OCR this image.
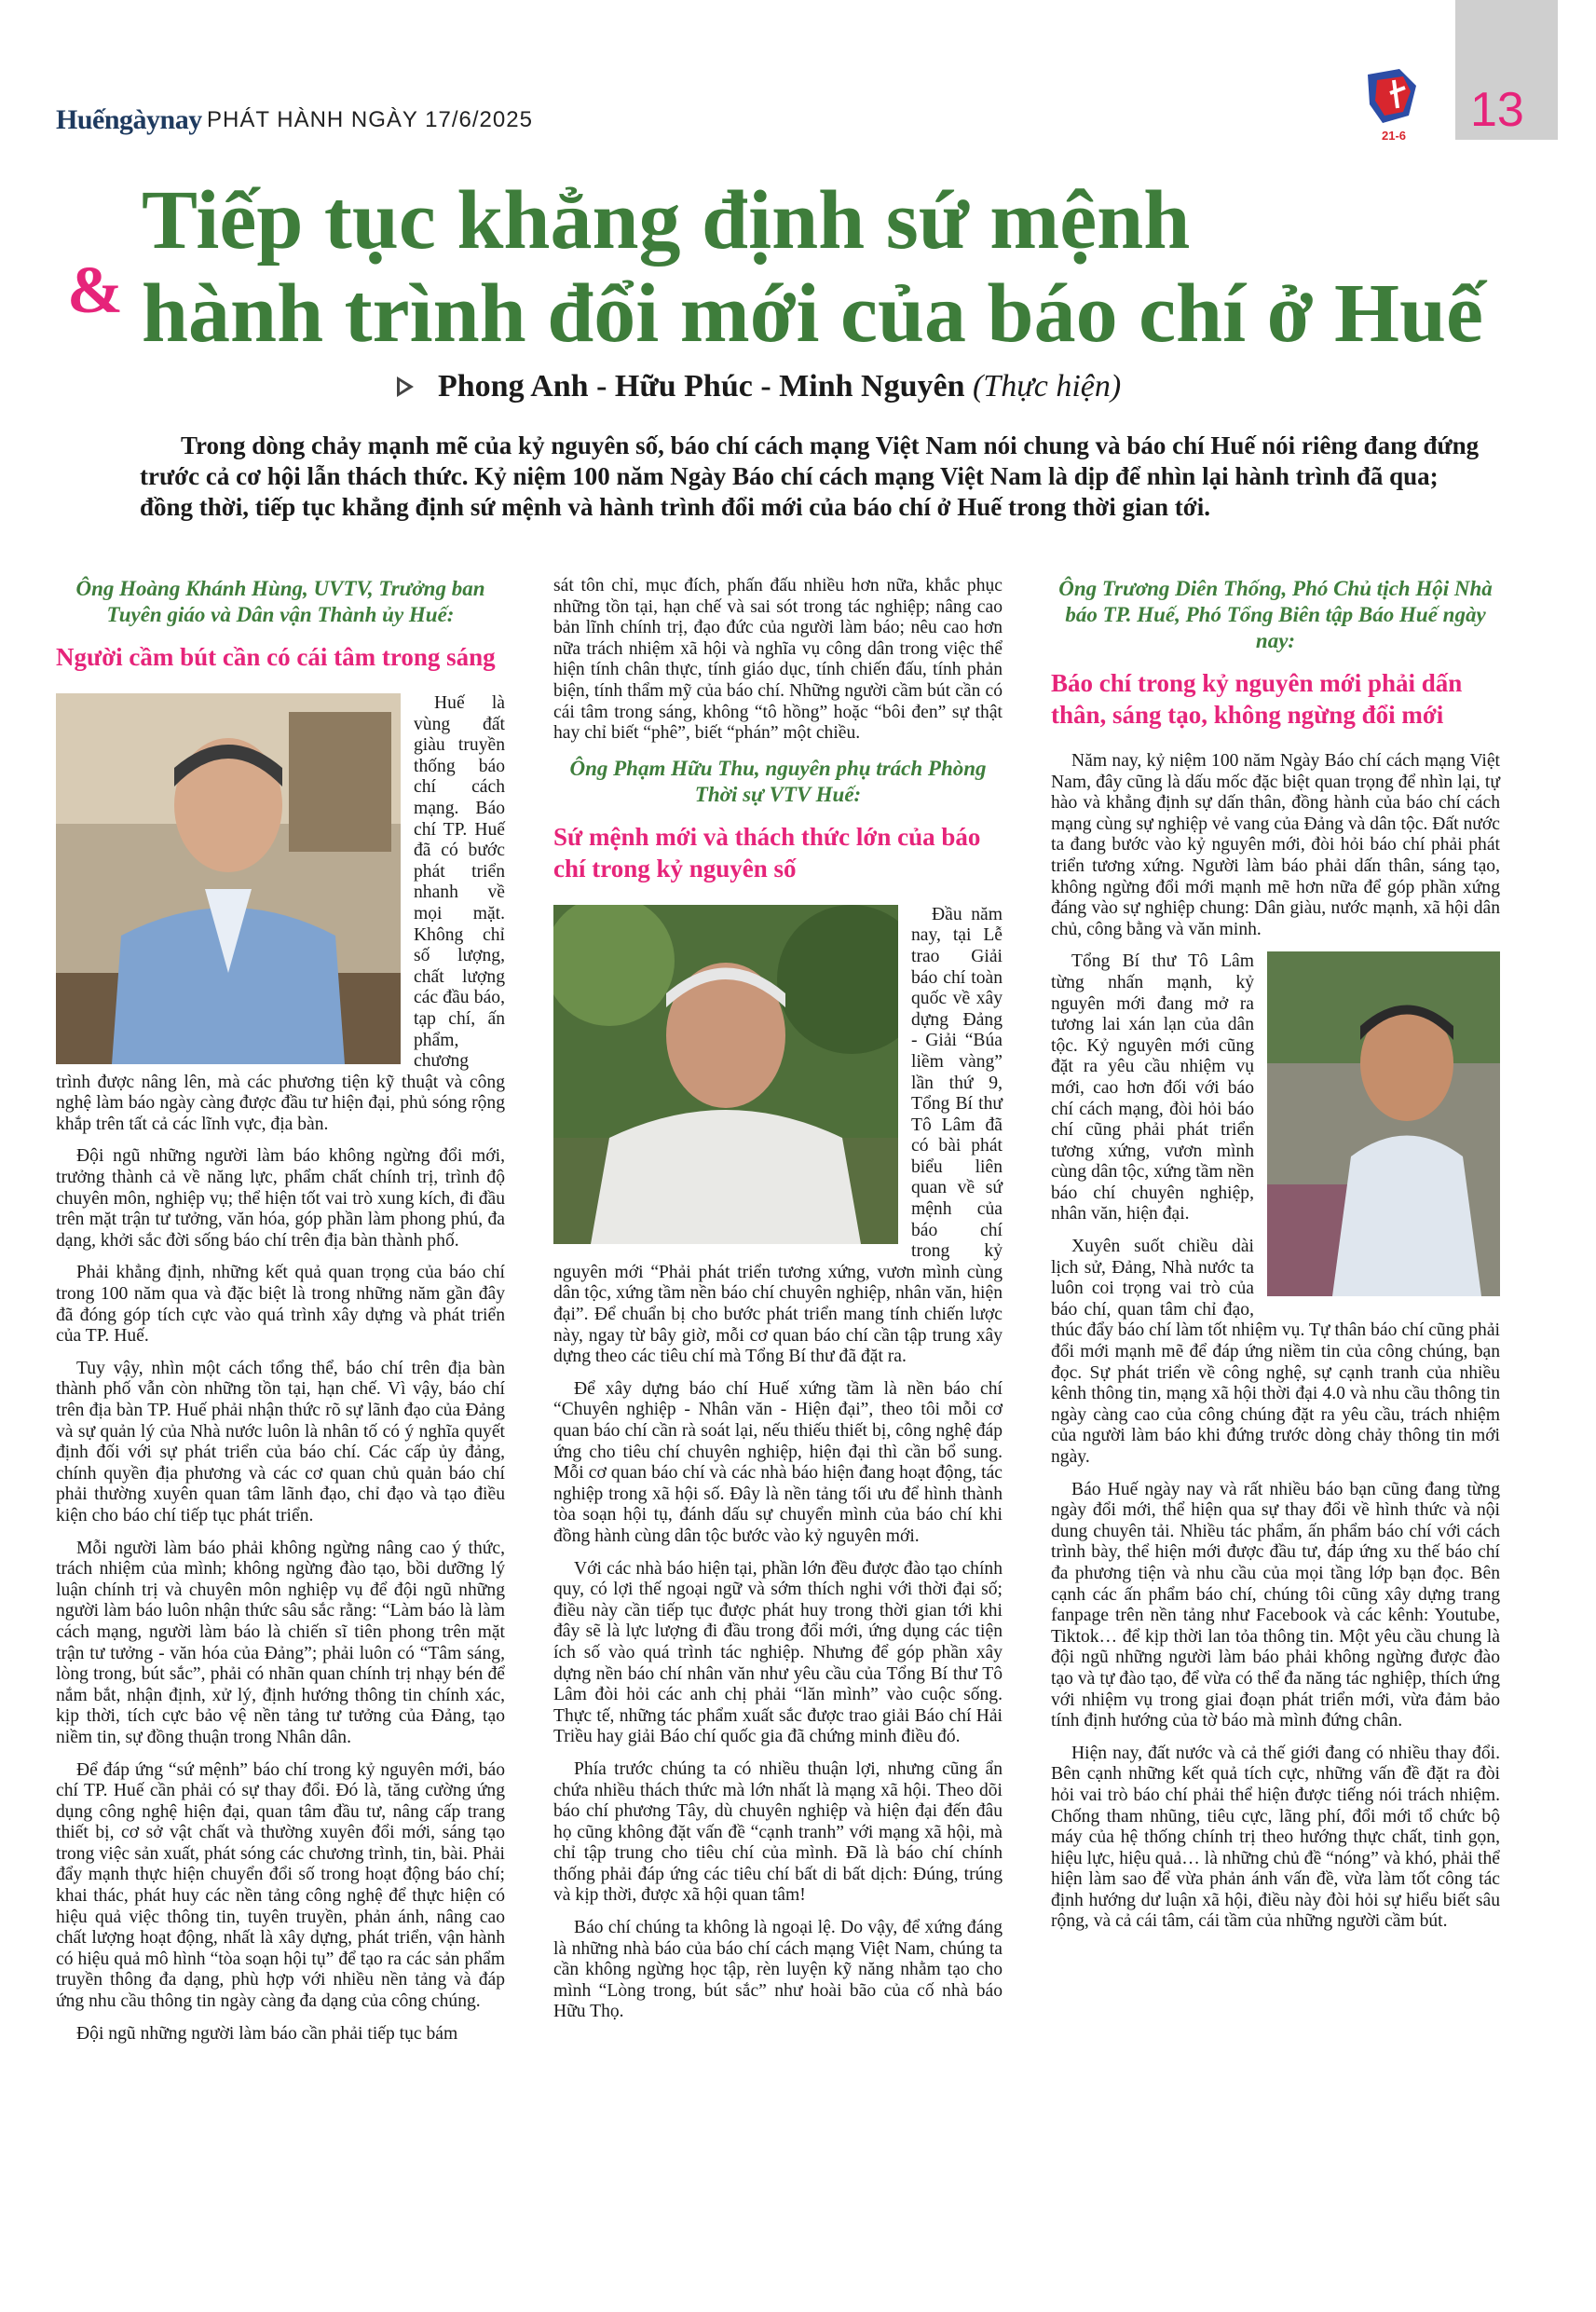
Huếngàynay PHÁT HÀNH NGÀY 17/6/2025
21-6 13
Tiếp tục khẳng định sứ mệnh
& hành trình đổi mới của báo chí ở Huế
Phong Anh - Hữu Phúc - Minh Nguyên (Thực hiện)
Trong dòng chảy mạnh mẽ của kỷ nguyên số, báo chí cách mạng Việt Nam nói chung và báo chí Huế nói riêng đang đứng trước cả cơ hội lẫn thách thức. Kỷ niệm 100 năm Ngày Báo chí cách mạng Việt Nam là dịp để nhìn lại hành trình đã qua; đồng thời, tiếp tục khẳng định sứ mệnh và hành trình đổi mới của báo chí ở Huế trong thời gian tới.
Ông Hoàng Khánh Hùng, UVTV, Trưởng ban Tuyên giáo và Dân vận Thành ủy Huế:
Người cầm bút cần có cái tâm trong sáng

Huế là vùng đất giàu truyền thống báo chí cách mạng. Báo chí TP. Huế đã có bước phát triển nhanh về mọi mặt. Không chỉ số lượng, chất lượng các đầu báo, tạp chí, ấn phẩm, chương trình được nâng lên, mà các phương tiện kỹ thuật và công nghệ làm báo ngày càng được đầu tư hiện đại, phủ sóng rộng khắp trên tất cả các lĩnh vực, địa bàn.

Đội ngũ những người làm báo không ngừng đổi mới, trưởng thành cả về năng lực, phẩm chất chính trị, trình độ chuyên môn, nghiệp vụ; thể hiện tốt vai trò xung kích, đi đầu trên mặt trận tư tưởng, văn hóa, góp phần làm phong phú, đa dạng, khởi sắc đời sống báo chí trên địa bàn thành phố.

Phải khẳng định, những kết quả quan trọng của báo chí trong 100 năm qua và đặc biệt là trong những năm gần đây đã đóng góp tích cực vào quá trình xây dựng và phát triển của TP. Huế.

Tuy vậy, nhìn một cách tổng thể, báo chí trên địa bàn thành phố vẫn còn những tồn tại, hạn chế. Vì vậy, báo chí trên địa bàn TP. Huế phải nhận thức rõ sự lãnh đạo của Đảng và sự quản lý của Nhà nước luôn là nhân tố có ý nghĩa quyết định đối với sự phát triển của báo chí. Các cấp ủy đảng, chính quyền địa phương và các cơ quan chủ quản báo chí phải thường xuyên quan tâm lãnh đạo, chỉ đạo và tạo điều kiện cho báo chí tiếp tục phát triển.

Mỗi người làm báo phải không ngừng nâng cao ý thức, trách nhiệm của mình; không ngừng đào tạo, bồi dưỡng lý luận chính trị và chuyên môn nghiệp vụ để đội ngũ những người làm báo luôn nhận thức sâu sắc rằng: “Làm báo là làm cách mạng, người làm báo là chiến sĩ tiên phong trên mặt trận tư tưởng - văn hóa của Đảng”; phải luôn có “Tâm sáng, lòng trong, bút sắc”, phải có nhãn quan chính trị nhạy bén để nắm bắt, nhận định, xử lý, định hướng thông tin chính xác, kịp thời, tích cực bảo vệ nền tảng tư tưởng của Đảng, tạo niềm tin, sự đồng thuận trong Nhân dân.

Để đáp ứng “sứ mệnh” báo chí trong kỷ nguyên mới, báo chí TP. Huế cần phải có sự thay đổi. Đó là, tăng cường ứng dụng công nghệ hiện đại, quan tâm đầu tư, nâng cấp trang thiết bị, cơ sở vật chất và thường xuyên đổi mới, sáng tạo trong việc sản xuất, phát sóng các chương trình, tin, bài. Phải đẩy mạnh thực hiện chuyển đổi số trong hoạt động báo chí; khai thác, phát huy các nền tảng công nghệ để thực hiện có hiệu quả việc thông tin, tuyên truyền, phản ánh, nâng cao chất lượng hoạt động, nhất là xây dựng, phát triển, vận hành có hiệu quả mô hình “tòa soạn hội tụ” để tạo ra các sản phẩm truyền thông đa dạng, phù hợp với nhiều nền tảng và đáp ứng nhu cầu thông tin ngày càng đa dạng của công chúng.

Đội ngũ những người làm báo cần phải tiếp tục bám

sát tôn chỉ, mục đích, phấn đấu nhiều hơn nữa, khắc phục những tồn tại, hạn chế và sai sót trong tác nghiệp; nâng cao bản lĩnh chính trị, đạo đức của người làm báo; nêu cao hơn nữa trách nhiệm xã hội và nghĩa vụ công dân trong việc thể hiện tính chân thực, tính giáo dục, tính chiến đấu, tính phản biện, tính thẩm mỹ của báo chí. Những người cầm bút cần có cái tâm trong sáng, không “tô hồng” hoặc “bôi đen” sự thật hay chỉ biết “phê”, biết “phán” một chiều.

Ông Phạm Hữu Thu, nguyên phụ trách Phòng Thời sự VTV Huế:
Sứ mệnh mới và thách thức lớn của báo chí trong kỷ nguyên số

Đầu năm nay, tại Lễ trao Giải báo chí toàn quốc về xây dựng Đảng - Giải “Búa liềm vàng” lần thứ 9, Tổng Bí thư Tô Lâm đã có bài phát biểu liên quan về sứ mệnh của báo chí trong kỷ nguyên mới “Phải phát triển tương xứng, vươn mình cùng dân tộc, xứng tầm nền báo chí chuyên nghiệp, nhân văn, hiện đại”. Để chuẩn bị cho bước phát triển mang tính chiến lược này, ngay từ bây giờ, mỗi cơ quan báo chí cần tập trung xây dựng theo các tiêu chí mà Tổng Bí thư đã đặt ra.

Để xây dựng báo chí Huế xứng tầm là nền báo chí “Chuyên nghiệp - Nhân văn - Hiện đại”, theo tôi mỗi cơ quan báo chí cần rà soát lại, nếu thiếu thiết bị, công nghệ đáp ứng cho tiêu chí chuyên nghiệp, hiện đại thì cần bổ sung. Mỗi cơ quan báo chí và các nhà báo hiện đang hoạt động, tác nghiệp trong xã hội số. Đây là nền tảng tối ưu để hình thành tòa soạn hội tụ, đánh dấu sự chuyển mình của báo chí khi đồng hành cùng dân tộc bước vào kỷ nguyên mới.

Với các nhà báo hiện tại, phần lớn đều được đào tạo chính quy, có lợi thế ngoại ngữ và sớm thích nghi với thời đại số; điều này cần tiếp tục được phát huy trong thời gian tới khi đây sẽ là lực lượng đi đầu trong đổi mới, ứng dụng các tiện ích số vào quá trình tác nghiệp. Nhưng để góp phần xây dựng nền báo chí nhân văn như yêu cầu của Tổng Bí thư Tô Lâm đòi hỏi các anh chị phải “lăn mình” vào cuộc sống. Thực tế, những tác phẩm xuất sắc được trao giải Báo chí Hải Triều hay giải Báo chí quốc gia đã chứng minh điều đó.

Phía trước chúng ta có nhiều thuận lợi, nhưng cũng ẩn chứa nhiều thách thức mà lớn nhất là mạng xã hội. Theo dõi báo chí phương Tây, dù chuyên nghiệp và hiện đại đến đâu họ cũng không đặt vấn đề “cạnh tranh” với mạng xã hội, mà chỉ tập trung cho tiêu chí của mình. Đã là báo chí chính thống phải đáp ứng các tiêu chí bất di bất dịch: Đúng, trúng và kịp thời, được xã hội quan tâm!

Báo chí chúng ta không là ngoại lệ. Do vậy, để xứng đáng là những nhà báo của báo chí cách mạng Việt Nam, chúng ta cần không ngừng học tập, rèn luyện kỹ năng nhằm tạo cho mình “Lòng trong, bút sắc” như hoài bão của cố nhà báo Hữu Thọ.

Ông Trương Diên Thống, Phó Chủ tịch Hội Nhà báo TP. Huế, Phó Tổng Biên tập Báo Huế ngày nay:
Báo chí trong kỷ nguyên mới phải dấn thân, sáng tạo, không ngừng đổi mới

Năm nay, kỷ niệm 100 năm Ngày Báo chí cách mạng Việt Nam, đây cũng là dấu mốc đặc biệt quan trọng để nhìn lại, tự hào và khẳng định sự dấn thân, đồng hành của báo chí cách mạng cùng sự nghiệp vẻ vang của Đảng và dân tộc. Đất nước ta đang bước vào kỷ nguyên mới, đòi hỏi báo chí phải phát triển tương xứng. Người làm báo phải dấn thân, sáng tạo, không ngừng đổi mới mạnh mẽ hơn nữa để góp phần xứng đáng vào sự nghiệp chung: Dân giàu, nước mạnh, xã hội dân chủ, công bằng và văn minh.

Tổng Bí thư Tô Lâm từng nhấn mạnh, kỷ nguyên mới đang mở ra tương lai xán lạn của dân tộc. Kỷ nguyên mới cũng đặt ra yêu cầu nhiệm vụ mới, cao hơn đối với báo chí cách mạng, đòi hỏi báo chí cũng phải phát triển tương xứng, vươn mình cùng dân tộc, xứng tầm nền báo chí chuyên nghiệp, nhân văn, hiện đại.

Xuyên suốt chiều dài lịch sử, Đảng, Nhà nước ta luôn coi trọng vai trò của báo chí, quan tâm chỉ đạo, thúc đẩy báo chí làm tốt nhiệm vụ. Tự thân báo chí cũng phải đổi mới mạnh mẽ để đáp ứng niềm tin của công chúng, bạn đọc. Sự phát triển về công nghệ, sự cạnh tranh của nhiều kênh thông tin, mạng xã hội thời đại 4.0 và nhu cầu thông tin ngày càng cao của công chúng đặt ra yêu cầu, trách nhiệm của người làm báo khi đứng trước dòng chảy thông tin mới ngày.

Báo Huế ngày nay và rất nhiều báo bạn cũng đang từng ngày đổi mới, thể hiện qua sự thay đổi về hình thức và nội dung chuyên tải. Nhiều tác phẩm, ấn phẩm báo chí với cách trình bày, thể hiện mới được đầu tư, đáp ứng xu thế báo chí đa phương tiện và nhu cầu của mọi tầng lớp bạn đọc. Bên cạnh các ấn phẩm báo chí, chúng tôi cũng xây dựng trang fanpage trên nền tảng như Facebook và các kênh: Youtube, Tiktok… để kịp thời lan tỏa thông tin. Một yêu cầu chung là đội ngũ những người làm báo phải không ngừng được đào tạo và tự đào tạo, để vừa có thể đa năng tác nghiệp, thích ứng với nhiệm vụ trong giai đoạn phát triển mới, vừa đảm bảo tính định hướng của tờ báo mà mình đứng chân.

Hiện nay, đất nước và cả thế giới đang có nhiều thay đổi. Bên cạnh những kết quả tích cực, những vấn đề đặt ra đòi hỏi vai trò báo chí phải thể hiện được tiếng nói trách nhiệm. Chống tham nhũng, tiêu cực, lãng phí, đổi mới tổ chức bộ máy của hệ thống chính trị theo hướng thực chất, tinh gọn, hiệu lực, hiệu quả… là những chủ đề “nóng” và khó, phải thể hiện làm sao để vừa phản ánh vấn đề, vừa làm tốt công tác định hướng dư luận xã hội, điều này đòi hỏi sự hiểu biết sâu rộng, và cả cái tâm, cái tầm của những người cầm bút.
